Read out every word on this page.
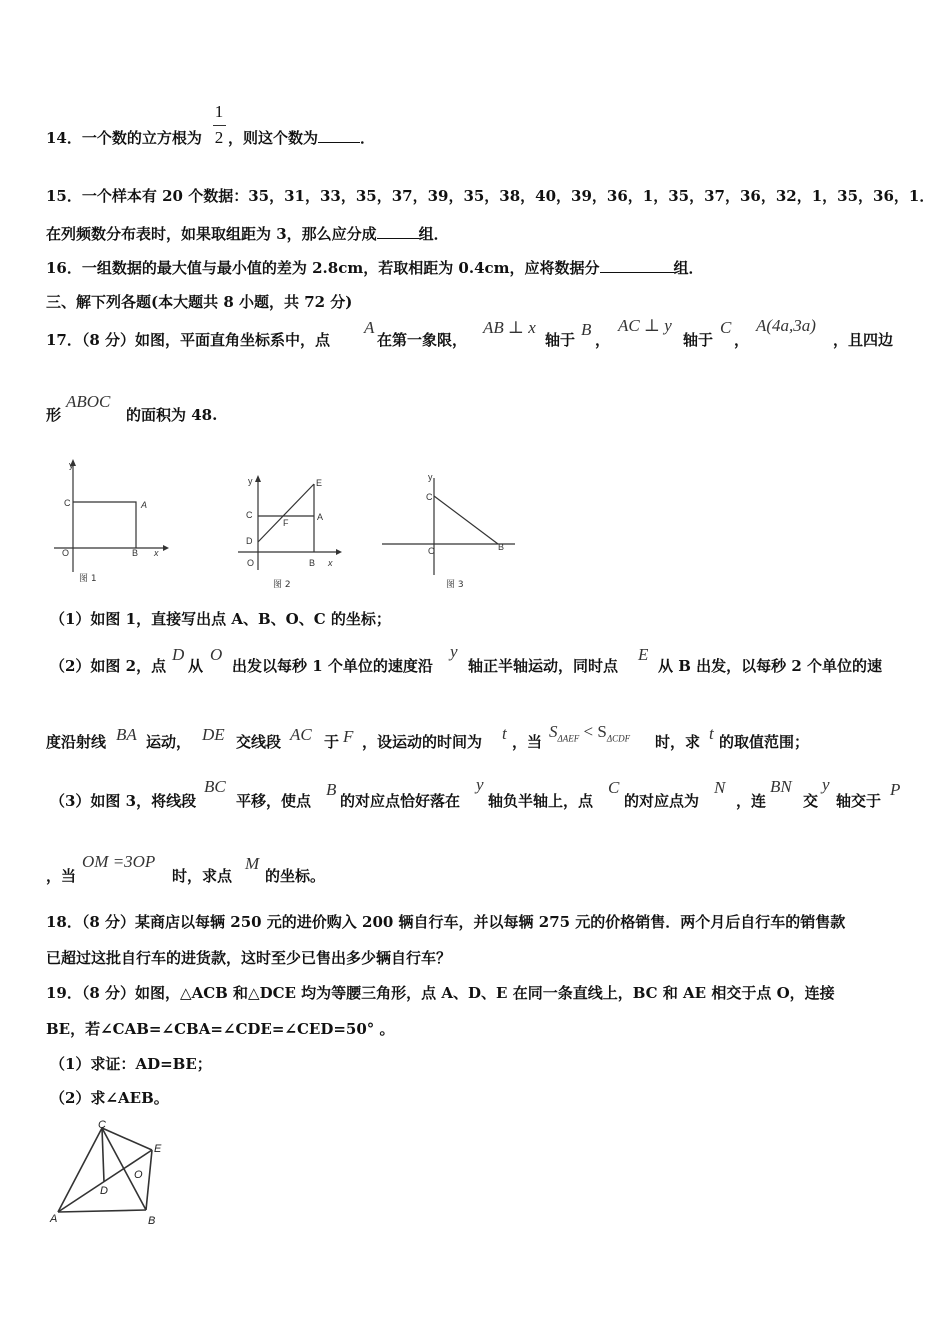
14．一个数的立方根为
1
2 ，则这个数为	．
15．一个样本有 20 个数据：35，31，33，35，37，39，35，38，40，39，36，1，35，37，36，32，1，35，36，1．
在列频数分布表时，如果取组距为 3，那么应分成	组．
16．一组数据的最大值与最小值的差为 2.8cm，若取相距为 0.4cm，应将数据分	组．
三、解下列各题(本大题共 8 小题，共 72 分)
17．（8 分）如图，平面直角坐标系中，点
A
在第一象限，
AB ⊥ x
轴于
B
，
AC ⊥ y
轴于
C
，
A(4a,3a)
，且四边
形
ABOC
的面积为 48.
y
C	A
O	B x
图 1
y	E
C
F
A
D
O	B x
图 2
y
C
O	B
图 3
（1）如图 1，直接写出点 A、B、O、C 的坐标；
（2）如图 2，点
D
从
O
出发以每秒 1 个单位的速度沿
y
轴正半轴运动，同时点
E
从 B 出发，以每秒 2 个单位的速
度沿射线 BA 运动， DE 交线段 AC 于 F ，设运动的时间为 t ，当
$S_{\Delta AEF} < S_{\Delta CDF}$ 时，求 t 的取值范围；
（3）如图 3，将线段
BC
平移，使点
B
的对应点恰好落在
y
轴负半轴上，点
C
的对应点为
N
，连
BN
交
y
轴交于
P
，当
OM =3OP
时，求点
M
的坐标。
18．（8 分）某商店以每辆 250 元的进价购入 200 辆自行车，并以每辆 275 元的价格销售．两个月后自行车的销售款
已超过这批自行车的进货款，这时至少已售出多少辆自行车？
19．（8 分）如图，△ACB 和△DCE 均为等腰三角形，点 A、D、E 在同一条直线上，BC 和 AE 相交于点 O，连接
BE，若∠CAB=∠CBA=∠CDE=∠CED=50° 。
（1）求证：AD=BE；
（2）求∠AEB。
C
E
O
D
A	B
